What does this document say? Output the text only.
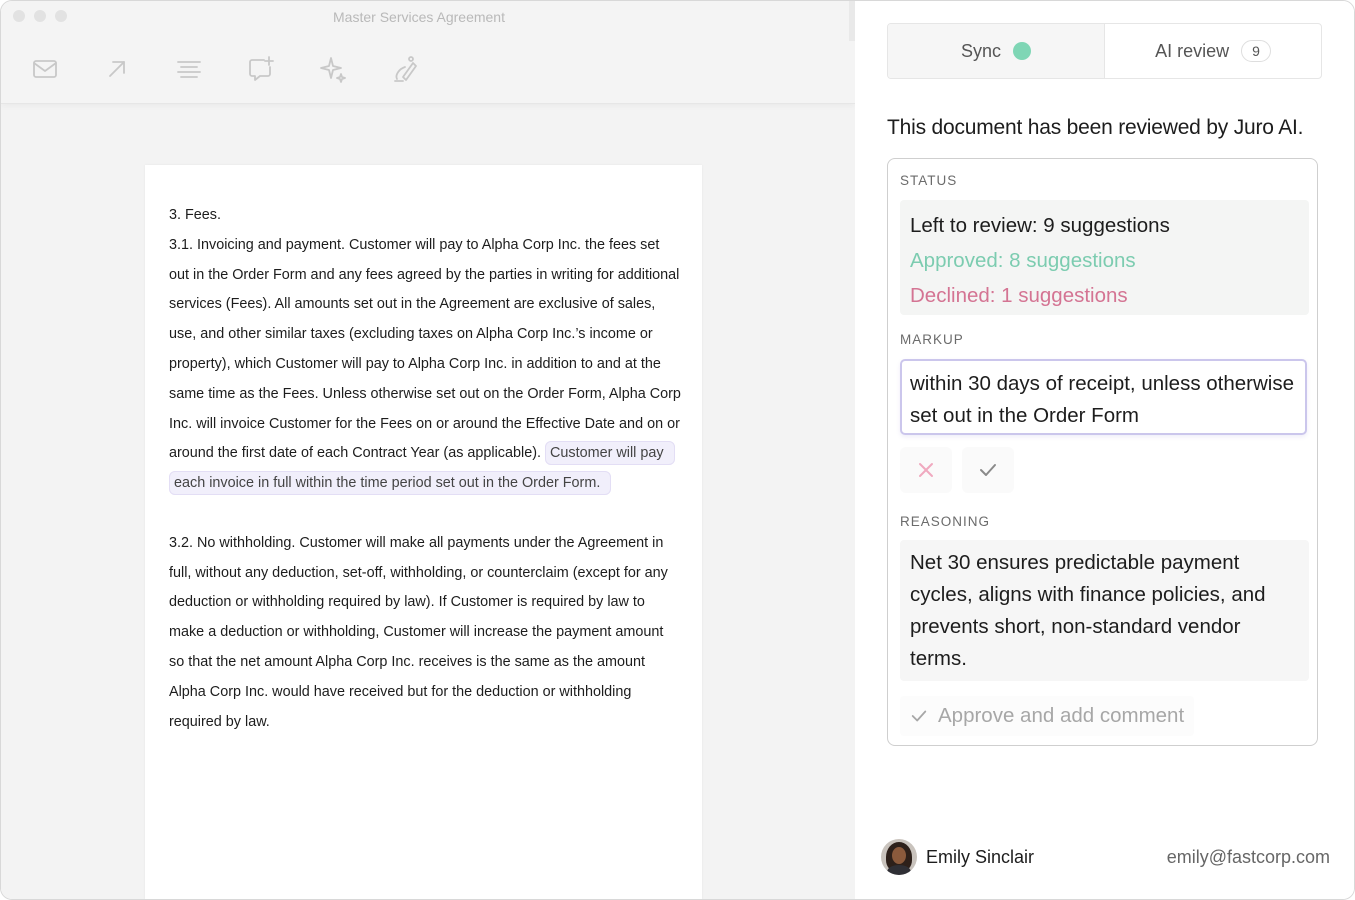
Master Services Agreement

3. Fees.

3.1. Invoicing and payment. Customer will pay to Alpha Corp Inc. the fees set out in the Order Form and any fees agreed by the parties in writing for additional services (Fees). All amounts set out in the Agreement are exclusive of sales, use, and other similar taxes (excluding taxes on Alpha Corp Inc.’s income or property), which Customer will pay to Alpha Corp Inc. in addition to and at the same time as the Fees. Unless otherwise set out on the Order Form, Alpha Corp Inc. will invoice Customer for the Fees on or around the Effective Date and on or around the first date of each Contract Year (as applicable). Customer will pay each invoice in full within the time period set out in the Order Form.

3.2. No withholding. Customer will make all payments under the Agreement in full, without any deduction, set-off, withholding, or counterclaim (except for any deduction or withholding required by law). If Customer is required by law to make a deduction or withholding, Customer will increase the payment amount so that the net amount Alpha Corp Inc. receives is the same as the amount Alpha Corp Inc. would have received but for the deduction or withholding required by law.

Sync	AI review	9
This document has been reviewed by Juro AI.
STATUS
Left to review: 9 suggestions
Approved: 8 suggestions
Declined: 1 suggestions
MARKUP
within 30 days of receipt, unless otherwise set out in the Order Form
REASONING
Net 30 ensures predictable payment cycles, aligns with finance policies, and prevents short, non-standard vendor terms.
Approve and add comment
Emily Sinclair	emily@fastcorp.com
